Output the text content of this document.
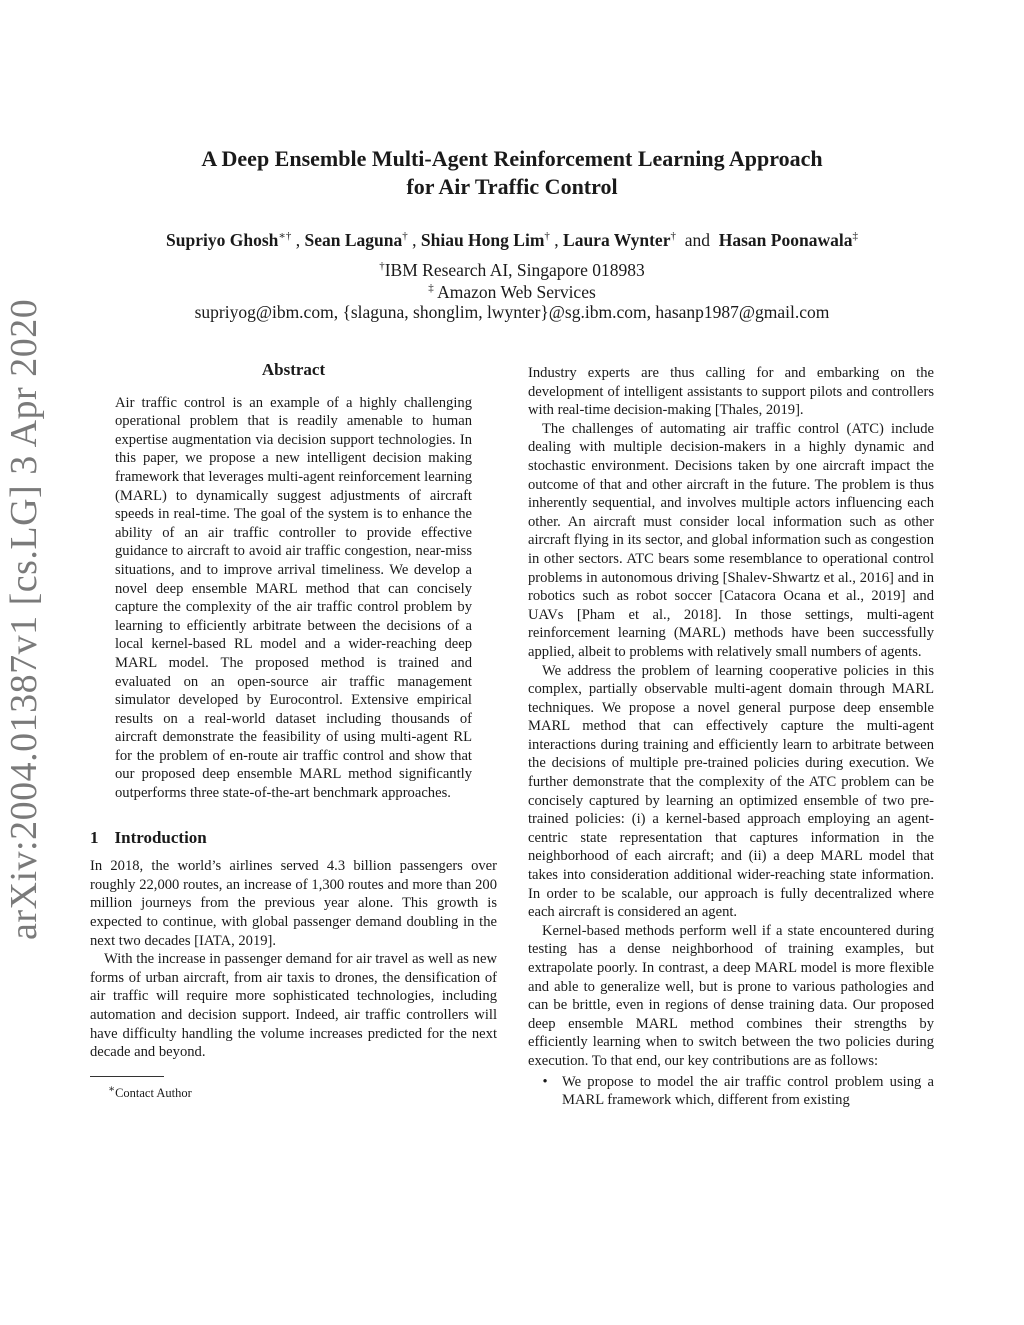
arXiv:2004.01387v1 [cs.LG] 3 Apr 2020
A Deep Ensemble Multi-Agent Reinforcement Learning Approach
for Air Traffic Control
Supriyo Ghosh∗† , Sean Laguna† , Shiau Hong Lim† , Laura Wynter† and Hasan Poonawala‡
†IBM Research AI, Singapore 018983
‡ Amazon Web Services
supriyog@ibm.com, {slaguna, shonglim, lwynter}@sg.ibm.com, hasanp1987@gmail.com
Abstract
Air traffic control is an example of a highly challenging operational problem that is readily amenable to human expertise augmentation via decision support technologies. In this paper, we propose a new intelligent decision making framework that leverages multi-agent reinforcement learning (MARL) to dynamically suggest adjustments of aircraft speeds in real-time. The goal of the system is to enhance the ability of an air traffic controller to provide effective guidance to aircraft to avoid air traffic congestion, near-miss situations, and to improve arrival timeliness. We develop a novel deep ensemble MARL method that can concisely capture the complexity of the air traffic control problem by learning to efficiently arbitrate between the decisions of a local kernel-based RL model and a wider-reaching deep MARL model. The proposed method is trained and evaluated on an open-source air traffic management simulator developed by Eurocontrol. Extensive empirical results on a real-world dataset including thousands of aircraft demonstrate the feasibility of using multi-agent RL for the problem of en-route air traffic control and show that our proposed deep ensemble MARL method significantly outperforms three state-of-the-art benchmark approaches.
1 Introduction

In 2018, the world’s airlines served 4.3 billion passengers over roughly 22,000 routes, an increase of 1,300 routes and more than 200 million journeys from the previous year alone. This growth is expected to continue, with global passenger demand doubling in the next two decades [IATA, 2019].

With the increase in passenger demand for air travel as well as new forms of urban aircraft, from air taxis to drones, the densification of air traffic will require more sophisticated technologies, including automation and decision support. Indeed, air traffic controllers will have difficulty handling the volume increases predicted for the next decade and beyond.

∗Contact Author

Industry experts are thus calling for and embarking on the development of intelligent assistants to support pilots and controllers with real-time decision-making [Thales, 2019].

The challenges of automating air traffic control (ATC) include dealing with multiple decision-makers in a highly dynamic and stochastic environment. Decisions taken by one aircraft impact the outcome of that and other aircraft in the future. The problem is thus inherently sequential, and involves multiple actors influencing each other. An aircraft must consider local information such as other aircraft flying in its sector, and global information such as congestion in other sectors. ATC bears some resemblance to operational control problems in autonomous driving [Shalev-Shwartz et al., 2016] and in robotics such as robot soccer [Catacora Ocana et al., 2019] and UAVs [Pham et al., 2018]. In those settings, multi-agent reinforcement learning (MARL) methods have been successfully applied, albeit to problems with relatively small numbers of agents.

We address the problem of learning cooperative policies in this complex, partially observable multi-agent domain through MARL techniques. We propose a novel general purpose deep ensemble MARL method that can effectively capture the multi-agent interactions during training and efficiently learn to arbitrate between the decisions of multiple pre-trained policies during execution. We further demonstrate that the complexity of the ATC problem can be concisely captured by learning an optimized ensemble of two pre-trained policies: (i) a kernel-based approach employing an agent-centric state representation that captures information in the neighborhood of each aircraft; and (ii) a deep MARL model that takes into consideration additional wider-reaching state information. In order to be scalable, our approach is fully decentralized where each aircraft is considered an agent.

Kernel-based methods perform well if a state encountered during testing has a dense neighborhood of training examples, but extrapolate poorly. In contrast, a deep MARL model is more flexible and able to generalize well, but is prone to various pathologies and can be brittle, even in regions of dense training data. Our proposed deep ensemble MARL method combines their strengths by efficiently learning when to switch between the two policies during execution. To that end, our key contributions are as follows:

• We propose to model the air traffic control problem using a MARL framework which, different from existing
